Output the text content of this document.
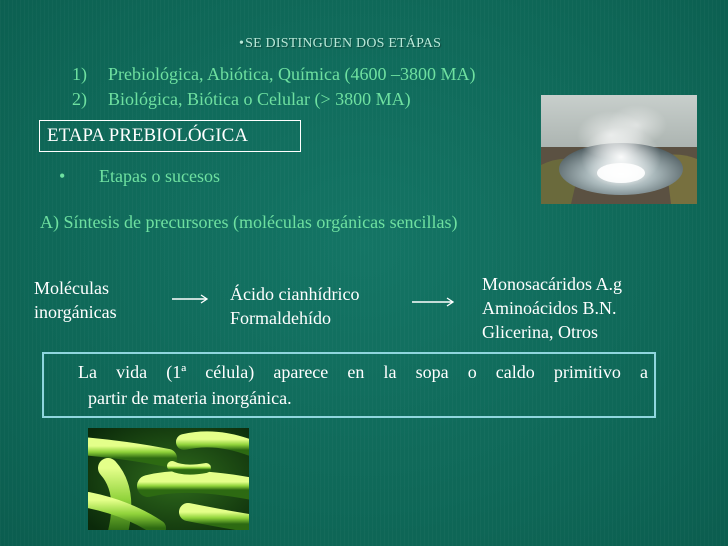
•SE DISTINGUEN DOS ETÁPAS
1) Prebiológica, Abiótica, Química (4600 –3800 MA)
2) Biológica, Biótica o Celular (> 3800 MA)
ETAPA PREBIOLÓGICA
• Etapas o sucesos
A) Síntesis de precursores (moléculas orgánicas sencillas)
Moléculas
inorgánicas
Ácido cianhídrico
Formaldehído
Monosacáridos A.g
Aminoácidos B.N.
Glicerina, Otros
La vida (1ª célula) aparece en la sopa o caldo primitivo a
partir de materia inorgánica.
